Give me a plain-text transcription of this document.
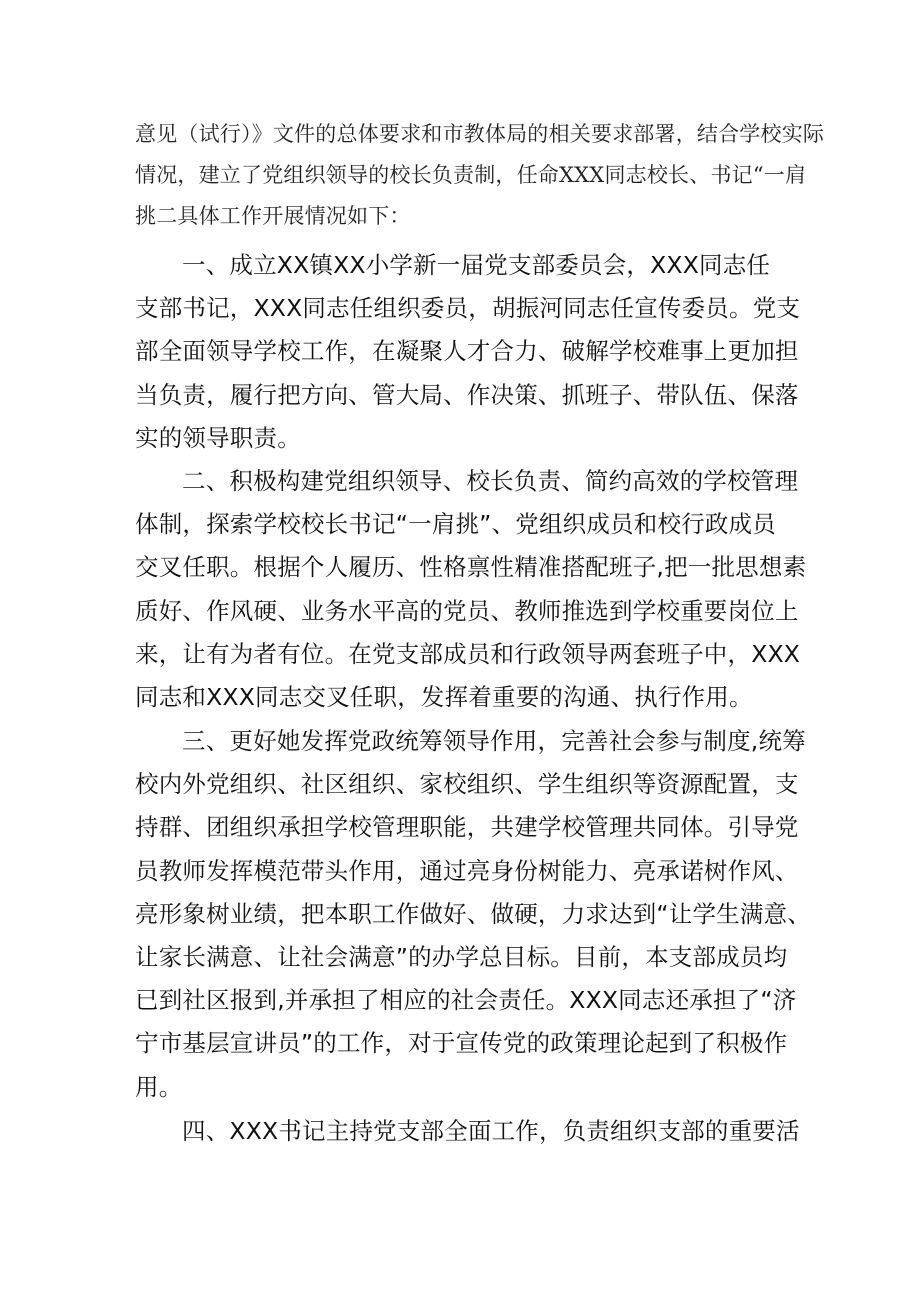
意见（试行）》文件的总体要求和市教体局的相关要求部署，结合学校实际
情况，建立了党组织领导的校长负责制，任命XXX同志校长、书记“一肩
挑二具体工作开展情况如下：
一、成立XX镇XX小学新一届党支部委员会，XXX同志任
支部书记，XXX同志任组织委员，胡振河同志任宣传委员。党支
部全面领导学校工作，在凝聚人才合力、破解学校难事上更加担
当负责，履行把方向、管大局、作决策、抓班子、带队伍、保落
实的领导职责。
二、积极构建党组织领导、校长负责、简约高效的学校管理
体制，探索学校校长书记“一肩挑”、党组织成员和校行政成员
交叉任职。根据个人履历、性格禀性精准搭配班子,把一批思想素
质好、作风硬、业务水平高的党员、教师推选到学校重要岗位上
来，让有为者有位。在党支部成员和行政领导两套班子中，XXX
同志和XXX同志交叉任职，发挥着重要的沟通、执行作用。
三、更好她发挥党政统筹领导作用，完善社会参与制度,统筹
校内外党组织、社区组织、家校组织、学生组织等资源配置，支
持群、团组织承担学校管理职能，共建学校管理共同体。引导党
员教师发挥模范带头作用，通过亮身份树能力、亮承诺树作风、
亮形象树业绩，把本职工作做好、做硬，力求达到“让学生满意、
让家长满意、让社会满意”的办学总目标。目前，本支部成员均
已到社区报到,并承担了相应的社会责任。XXX同志还承担了“济
宁市基层宣讲员”的工作，对于宣传党的政策理论起到了积极作
用。
四、XXX书记主持党支部全面工作，负责组织支部的重要活
